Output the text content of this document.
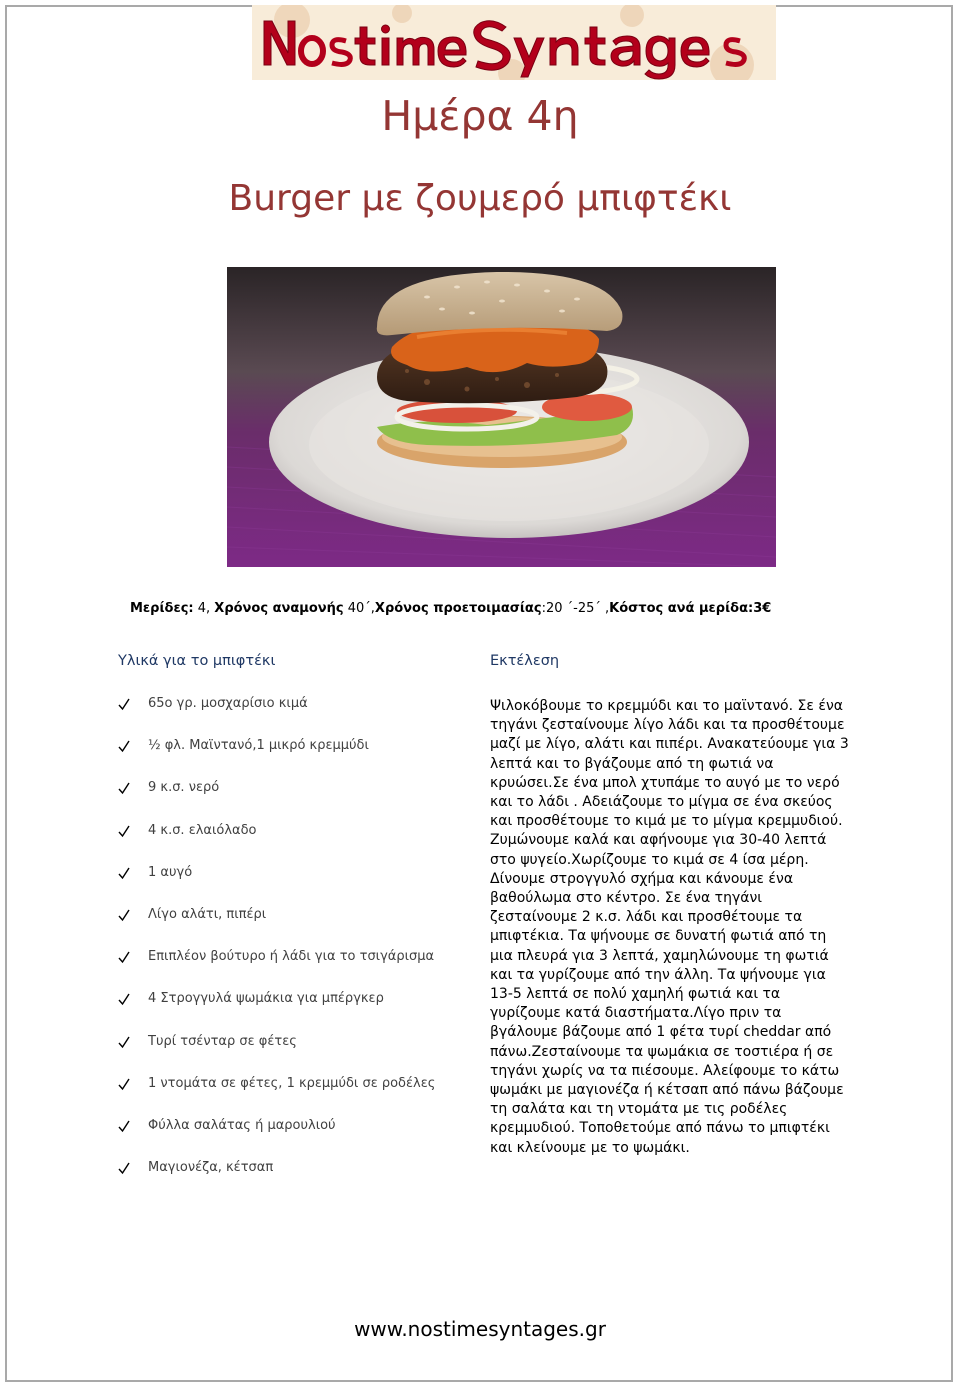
Ημέρα 4η
Burger με ζουμερό μπιφτέκι
Μερίδες: 4, Χρόνος αναμονής 40΄,Χρόνος προετοιμασίας:20 ΄-25΄ ,Κόστος ανά μερίδα:3€
Υλικά για το μπιφτέκι	Εκτέλεση
65ο γρ. μοσχαρίσιο κιμά
½ φλ. Μαϊντανό,1 μικρό κρεμμύδι
9 κ.σ. νερό
4 κ.σ. ελαιόλαδο
1 αυγό
Λίγο αλάτι, πιπέρι
Επιπλέον βούτυρο ή λάδι για το τσιγάρισμα
4 Στρογγυλά ψωμάκια για μπέργκερ
Τυρί τσένταρ σε φέτες
1 ντομάτα σε φέτες, 1 κρεμμύδι σε ροδέλες
Φύλλα σαλάτας ή μαρουλιού
Μαγιονέζα, κέτσαπ
Ψιλοκόβουμε το κρεμμύδι και το μαϊντανό. Σε ένα τηγάνι ζεσταίνουμε λίγο λάδι και τα προσθέτουμε μαζί με λίγο, αλάτι και πιπέρι. Ανακατεύουμε για 3 λεπτά και το βγάζουμε από τη φωτιά να κρυώσει.Σε ένα μπολ χτυπάμε το αυγό με το νερό και το λάδι . Αδειάζουμε το μίγμα σε ένα σκεύος και προσθέτουμε το κιμά με το μίγμα κρεμμυδιού. Ζυμώνουμε καλά και αφήνουμε για 30-40 λεπτά στο ψυγείο.Χωρίζουμε το κιμά σε 4 ίσα μέρη. Δίνουμε στρογγυλό σχήμα και κάνουμε ένα βαθούλωμα στο κέντρο. Σε ένα τηγάνι ζεσταίνουμε 2 κ.σ. λάδι και προσθέτουμε τα μπιφτέκια. Τα ψήνουμε σε δυνατή φωτιά από τη μια πλευρά για 3 λεπτά, χαμηλώνουμε τη φωτιά και τα γυρίζουμε από την άλλη. Τα ψήνουμε για 13-5 λεπτά σε πολύ χαμηλή φωτιά και τα γυρίζουμε κατά διαστήματα.Λίγο πριν τα βγάλουμε βάζουμε από 1 φέτα τυρί cheddar από πάνω.Ζεσταίνουμε τα ψωμάκια σε τοστιέρα ή σε τηγάνι χωρίς να τα πιέσουμε. Αλείφουμε το κάτω ψωμάκι με μαγιονέζα ή κέτσαπ από πάνω βάζουμε τη σαλάτα και τη ντομάτα με τις ροδέλες κρεμμυδιού. Τοποθετούμε από πάνω το μπιφτέκι και κλείνουμε με το ψωμάκι.
www.nostimesyntages.gr
